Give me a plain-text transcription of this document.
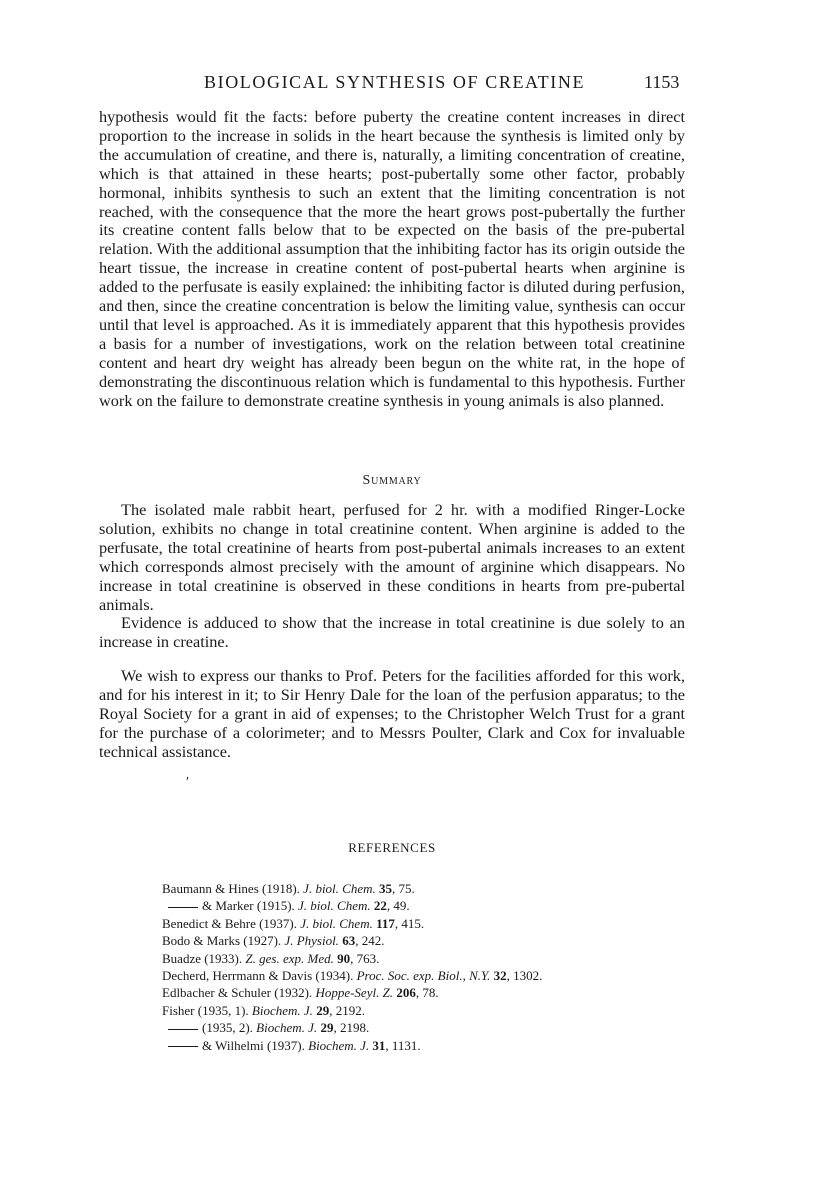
BIOLOGICAL SYNTHESIS OF CREATINE	1153

hypothesis would fit the facts: before puberty the creatine content increases in direct proportion to the increase in solids in the heart because the synthesis is limited only by the accumulation of creatine, and there is, naturally, a limiting concentration of creatine, which is that attained in these hearts; post-pubertally some other factor, probably hormonal, inhibits synthesis to such an extent that the limiting concentration is not reached, with the consequence that the more the heart grows post-pubertally the further its creatine content falls below that to be expected on the basis of the pre-pubertal relation. With the additional assumption that the inhibiting factor has its origin outside the heart tissue, the increase in creatine content of post-pubertal hearts when arginine is added to the perfusate is easily explained: the inhibiting factor is diluted during perfusion, and then, since the creatine concentration is below the limiting value, synthesis can occur until that level is approached. As it is immediately apparent that this hypothesis provides a basis for a number of investigations, work on the relation between total creatinine content and heart dry weight has already been begun on the white rat, in the hope of demonstrating the discontinuous relation which is fundamental to this hypothesis. Further work on the failure to demonstrate creatine synthesis in young animals is also planned.

Summary

The isolated male rabbit heart, perfused for 2 hr. with a modified Ringer-Locke solution, exhibits no change in total creatinine content. When arginine is added to the perfusate, the total creatinine of hearts from post-pubertal animals increases to an extent which corresponds almost precisely with the amount of arginine which disappears. No increase in total creatinine is observed in these conditions in hearts from pre-pubertal animals.

Evidence is adduced to show that the increase in total creatinine is due solely to an increase in creatine.

We wish to express our thanks to Prof. Peters for the facilities afforded for this work, and for his interest in it; to Sir Henry Dale for the loan of the perfusion apparatus; to the Royal Society for a grant in aid of expenses; to the Christopher Welch Trust for a grant for the purchase of a colorimeter; and to Messrs Poulter, Clark and Cox for invaluable technical assistance.

′
REFERENCES
Baumann & Hines (1918). J. biol. Chem. 35, 75.
& Marker (1915). J. biol. Chem. 22, 49.
Benedict & Behre (1937). J. biol. Chem. 117, 415.
Bodo & Marks (1927). J. Physiol. 63, 242.
Buadze (1933). Z. ges. exp. Med. 90, 763.
Decherd, Herrmann & Davis (1934). Proc. Soc. exp. Biol., N.Y. 32, 1302.
Edlbacher & Schuler (1932). Hoppe-Seyl. Z. 206, 78.
Fisher (1935, 1). Biochem. J. 29, 2192.
(1935, 2). Biochem. J. 29, 2198.
& Wilhelmi (1937). Biochem. J. 31, 1131.
